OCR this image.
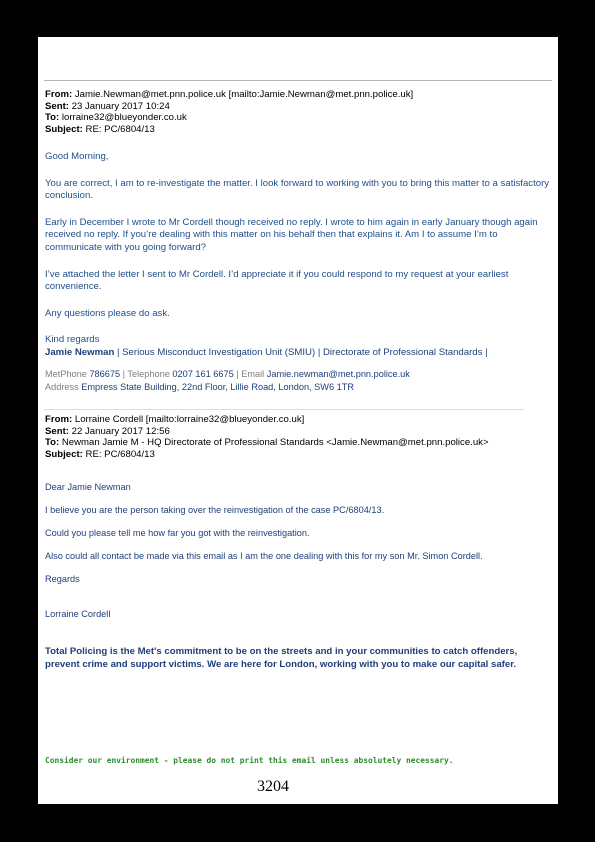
From: Jamie.Newman@met.pnn.police.uk [mailto:Jamie.Newman@met.pnn.police.uk]
Sent: 23 January 2017 10:24
To: lorraine32@blueyonder.co.uk
Subject: RE: PC/6804/13

Good Morning,

You are correct, I am to re-investigate the matter. I look forward to working with you to bring this matter to a satisfactory conclusion.

Early in December I wrote to Mr Cordell though received no reply. I wrote to him again in early January though again received no reply. If you’re dealing with this matter on his behalf then that explains it. Am I to assume I’m to communicate with you going forward?

I’ve attached the letter I sent to Mr Cordell. I’d appreciate it if you could respond to my request at your earliest convenience.

Any questions please do ask.

Kind regards
Jamie Newman | Serious Misconduct Investigation Unit (SMIU) | Directorate of Professional Standards |
MetPhone 786675 | Telephone 0207 161 6675 | Email Jamie.newman@met.pnn.police.uk
Address Empress State Building, 22nd Floor, Lillie Road, London, SW6 1TR
From: Lorraine Cordell [mailto:lorraine32@blueyonder.co.uk]
Sent: 22 January 2017 12:56
To: Newman Jamie M - HQ Directorate of Professional Standards <Jamie.Newman@met.pnn.police.uk>
Subject: RE: PC/6804/13

Dear Jamie Newman

I believe you are the person taking over the reinvestigation of the case PC/6804/13.

Could you please tell me how far you got with the reinvestigation.

Also could all contact be made via this email as I am the one dealing with this for my son Mr. Simon Cordell.

Regards

Lorraine Cordell

Total Policing is the Met's commitment to be on the streets and in your communities to catch offenders, prevent crime and support victims. We are here for London, working with you to make our capital safer.
Consider our environment - please do not print this email unless absolutely necessary.
3204
